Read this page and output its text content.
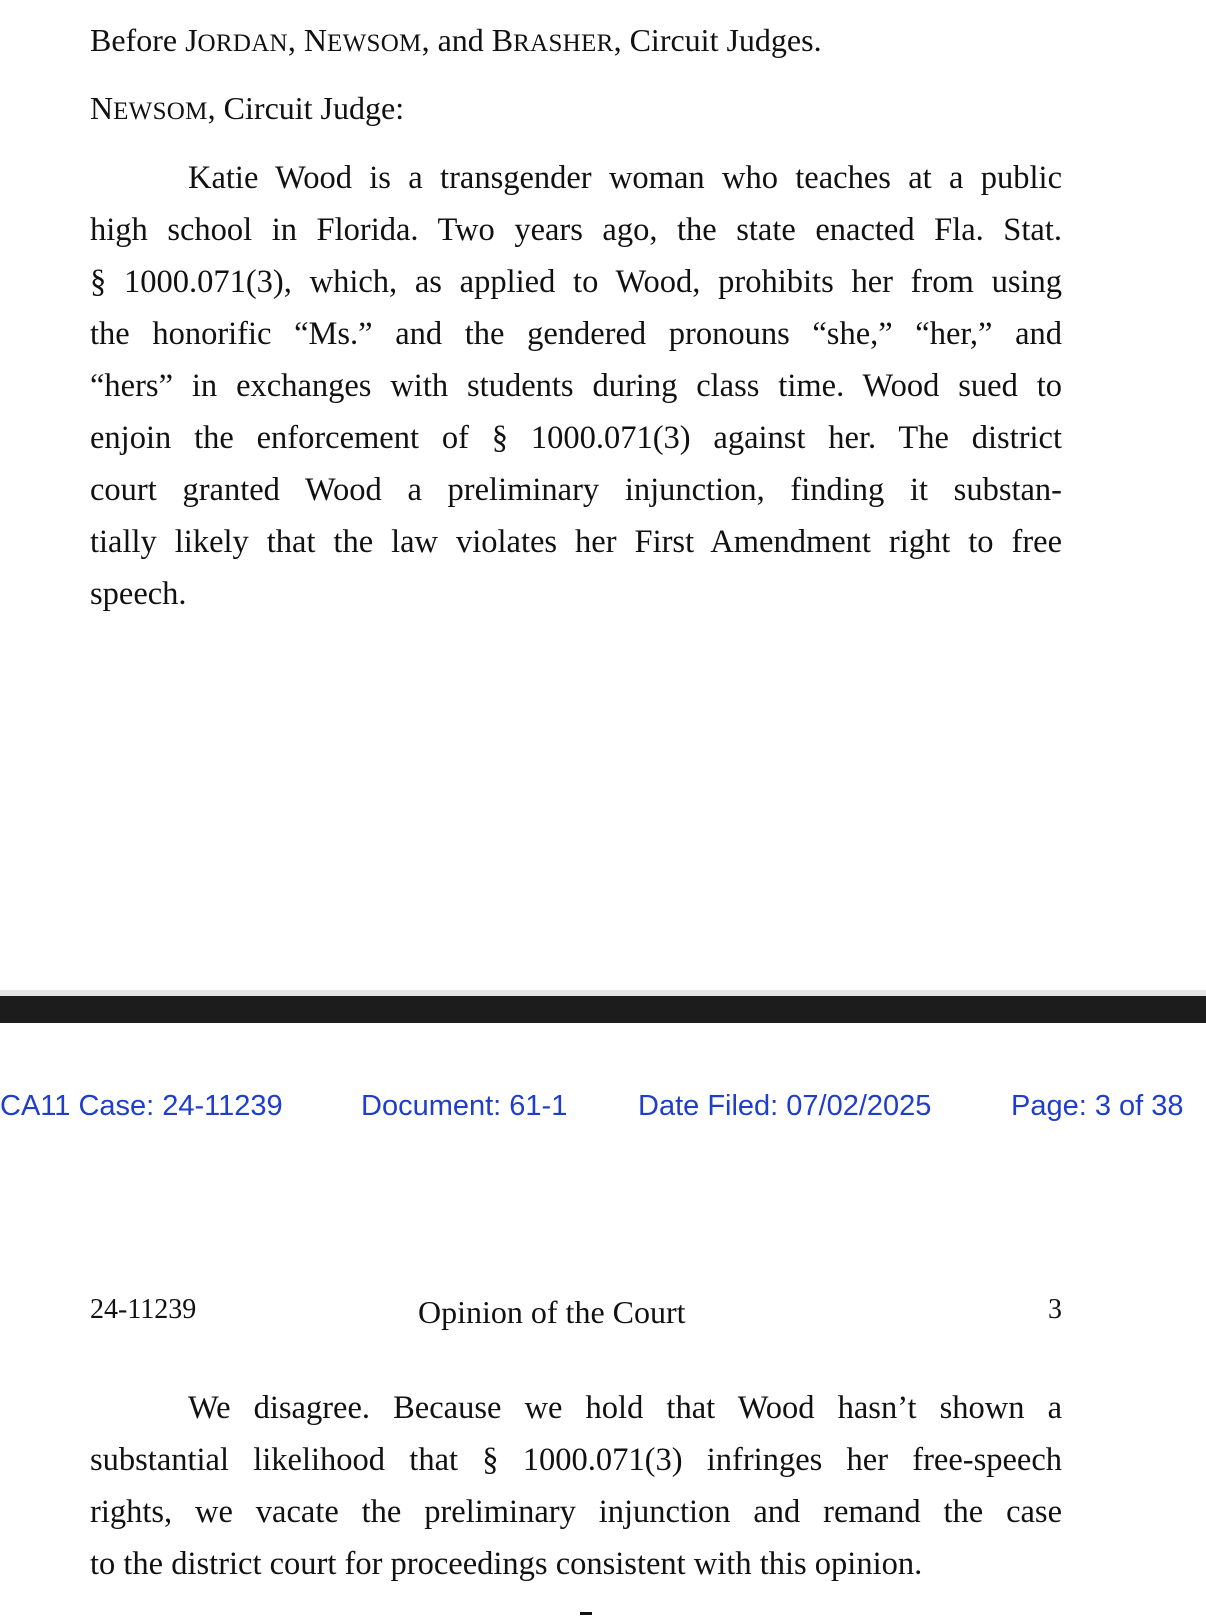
Before JORDAN, NEWSOM, and BRASHER, Circuit Judges.
NEWSOM, Circuit Judge:
Katie Wood is a transgender woman who teaches at a public
high school in Florida. Two years ago, the state enacted Fla. Stat.
§ 1000.071(3), which, as applied to Wood, prohibits her from using
the honorific “Ms.” and the gendered pronouns “she,” “her,” and
“hers” in exchanges with students during class time. Wood sued to
enjoin the enforcement of § 1000.071(3) against her. The district
court granted Wood a preliminary injunction, finding it substan-
tially likely that the law violates her First Amendment right to free
speech.
CA11 Case: 24-11239	Document: 61-1 Date Filed: 07/02/2025	Page: 3 of 38
24-11239	Opinion of the Court	3
We disagree. Because we hold that Wood hasn’t shown a
substantial likelihood that § 1000.071(3) infringes her free-speech
rights, we vacate the preliminary injunction and remand the case
to the district court for proceedings consistent with this opinion.
